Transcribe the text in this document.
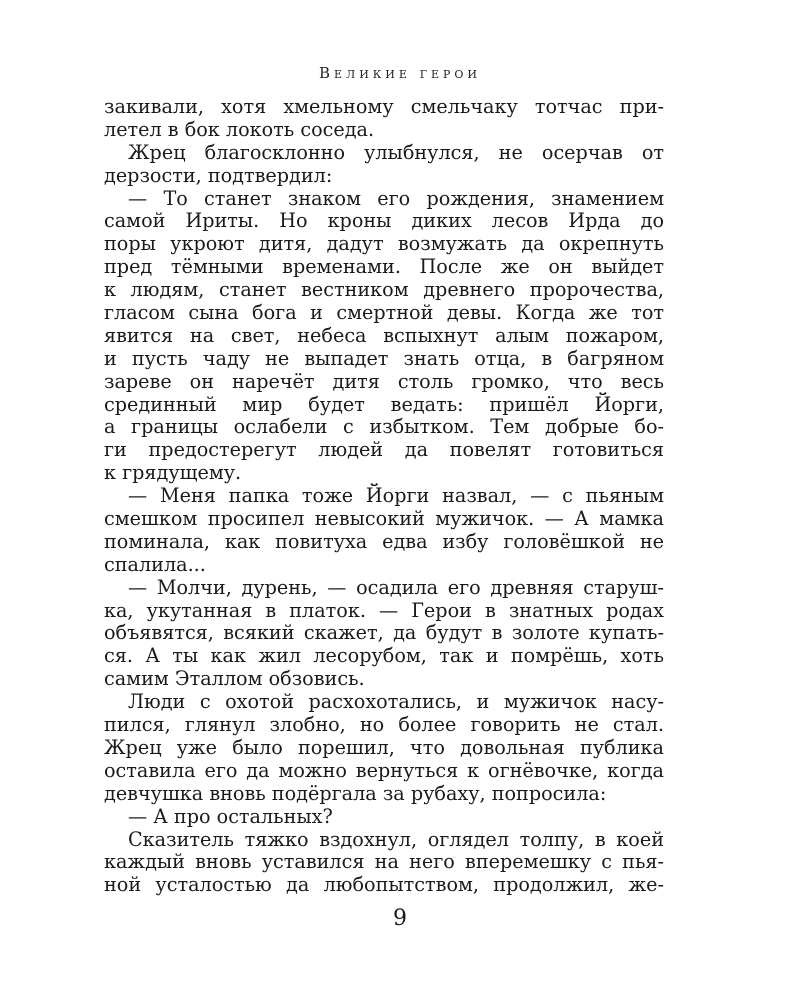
Великие герои
закивали, хотя хмельному смельчаку тотчас при-
летел в бок локоть соседа.
Жрец благосклонно улыбнулся, не осерчав от
дерзости, подтвердил:
— То станет знаком его рождения, знамением
самой Ириты. Но кроны диких лесов Ирда до
поры укроют дитя, дадут возмужать да окрепнуть
пред тёмными временами. После же он выйдет
к людям, станет вестником древнего пророчества,
гласом сына бога и смертной девы. Когда же тот
явится на свет, небеса вспыхнут алым пожаром,
и пусть чаду не выпадет знать отца, в багряном
зареве он наречёт дитя столь громко, что весь
срединный мир будет ведать: пришёл Йорги,
а границы ослабели с избытком. Тем добрые бо-
ги предостерегут людей да повелят готовиться
к грядущему.
— Меня папка тоже Йорги назвал, — с пьяным
смешком просипел невысокий мужичок. — А мамка
поминала, как повитуха едва избу головёшкой не
спалила...
— Молчи, дурень, — осадила его древняя старуш-
ка, укутанная в платок. — Герои в знатных родах
объявятся, всякий скажет, да будут в золоте купать-
ся. А ты как жил лесорубом, так и помрёшь, хоть
самим Эталлом обзовись.
Люди с охотой расхохотались, и мужичок насу-
пился, глянул злобно, но более говорить не стал.
Жрец уже было порешил, что довольная публика
оставила его да можно вернуться к огнёвочке, когда
девчушка вновь подёргала за рубаху, попросила:
— А про остальных?
Сказитель тяжко вздохнул, оглядел толпу, в коей
каждый вновь уставился на него вперемешку с пья-
ной усталостью да любопытством, продолжил, же-
9
